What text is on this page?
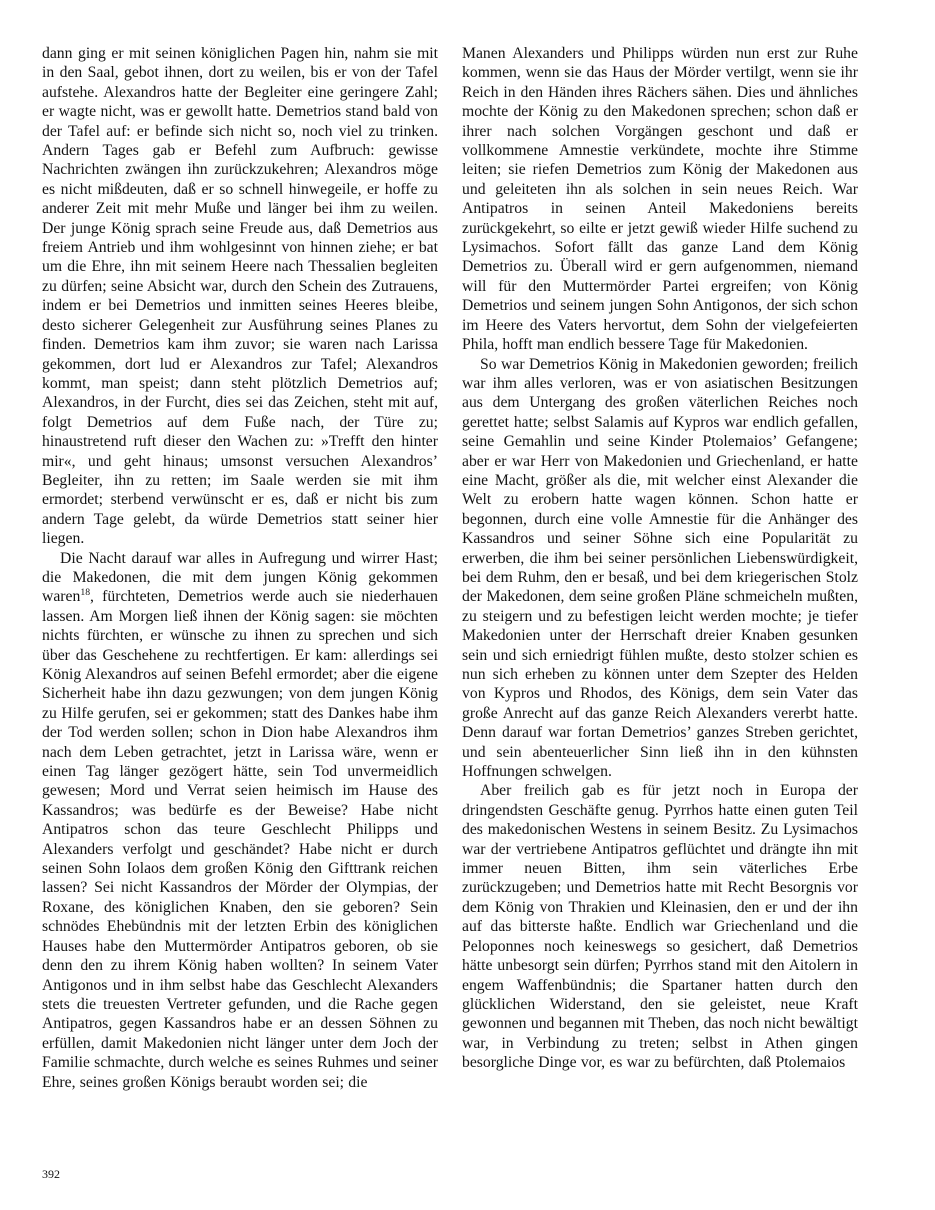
dann ging er mit seinen königlichen Pagen hin, nahm sie mit in den Saal, gebot ihnen, dort zu weilen, bis er von der Tafel aufstehe. Alexandros hatte der Begleiter eine geringere Zahl; er wagte nicht, was er gewollt hatte. Demetrios stand bald von der Tafel auf: er befinde sich nicht so, noch viel zu trinken. Andern Tages gab er Befehl zum Aufbruch: gewisse Nachrichten zwängen ihn zurückzukehren; Alexandros möge es nicht mißdeuten, daß er so schnell hinwegeile, er hoffe zu anderer Zeit mit mehr Muße und länger bei ihm zu weilen. Der junge König sprach seine Freude aus, daß Demetrios aus freiem Antrieb und ihm wohlgesinnt von hinnen ziehe; er bat um die Ehre, ihn mit seinem Heere nach Thessalien begleiten zu dürfen; seine Absicht war, durch den Schein des Zutrauens, indem er bei Demetrios und inmitten seines Heeres bleibe, desto sicherer Gelegenheit zur Ausführung seines Planes zu finden. Demetrios kam ihm zuvor; sie waren nach Larissa gekommen, dort lud er Alexandros zur Tafel; Alexandros kommt, man speist; dann steht plötzlich Demetrios auf; Alexandros, in der Furcht, dies sei das Zeichen, steht mit auf, folgt Demetrios auf dem Fuße nach, der Türe zu; hinaustretend ruft dieser den Wachen zu: »Trefft den hinter mir«, und geht hinaus; umsonst versuchen Alexandros’ Begleiter, ihn zu retten; im Saale werden sie mit ihm ermordet; sterbend verwünscht er es, daß er nicht bis zum andern Tage gelebt, da würde Demetrios statt seiner hier liegen.

Die Nacht darauf war alles in Aufregung und wirrer Hast; die Makedonen, die mit dem jungen König gekommen waren$^{18}$, fürchteten, Demetrios werde auch sie niederhauen lassen. Am Morgen ließ ihnen der König sagen: sie möchten nichts fürchten, er wünsche zu ihnen zu sprechen und sich über das Geschehene zu rechtfertigen. Er kam: allerdings sei König Alexandros auf seinen Befehl ermordet; aber die eigene Sicherheit habe ihn dazu gezwungen; von dem jungen König zu Hilfe gerufen, sei er gekommen; statt des Dankes habe ihm der Tod werden sollen; schon in Dion habe Alexandros ihm nach dem Leben getrachtet, jetzt in Larissa wäre, wenn er einen Tag länger gezögert hätte, sein Tod unvermeidlich gewesen; Mord und Verrat seien heimisch im Hause des Kassandros; was bedürfe es der Beweise? Habe nicht Antipatros schon das teure Geschlecht Philipps und Alexanders verfolgt und geschändet? Habe nicht er durch seinen Sohn Iolaos dem großen König den Gifttrank reichen lassen? Sei nicht Kassandros der Mörder der Olympias, der Roxane, des königlichen Knaben, den sie geboren? Sein schnödes Ehebündnis mit der letzten Erbin des königlichen Hauses habe den Muttermörder Antipatros geboren, ob sie denn den zu ihrem König haben wollten? In seinem Vater Antigonos und in ihm selbst habe das Geschlecht Alexanders stets die treuesten Vertreter gefunden, und die Rache gegen Antipatros, gegen Kassandros habe er an dessen Söhnen zu erfüllen, damit Makedonien nicht länger unter dem Joch der Familie schmachte, durch welche es seines Ruhmes und seiner Ehre, seines großen Königs beraubt worden sei; die

Manen Alexanders und Philipps würden nun erst zur Ruhe kommen, wenn sie das Haus der Mörder vertilgt, wenn sie ihr Reich in den Händen ihres Rächers sähen. Dies und ähnliches mochte der König zu den Makedonen sprechen; schon daß er ihrer nach solchen Vorgängen geschont und daß er vollkommene Amnestie verkündete, mochte ihre Stimme leiten; sie riefen Demetrios zum König der Makedonen aus und geleiteten ihn als solchen in sein neues Reich. War Antipatros in seinen Anteil Makedoniens bereits zurückgekehrt, so eilte er jetzt gewiß wieder Hilfe suchend zu Lysimachos. Sofort fällt das ganze Land dem König Demetrios zu. Überall wird er gern aufgenommen, niemand will für den Muttermörder Partei ergreifen; von König Demetrios und seinem jungen Sohn Antigonos, der sich schon im Heere des Vaters hervortut, dem Sohn der vielgefeierten Phila, hofft man endlich bessere Tage für Makedonien.

So war Demetrios König in Makedonien geworden; freilich war ihm alles verloren, was er von asiatischen Besitzungen aus dem Untergang des großen väterlichen Reiches noch gerettet hatte; selbst Salamis auf Kypros war endlich gefallen, seine Gemahlin und seine Kinder Ptolemaios’ Gefangene; aber er war Herr von Makedonien und Griechenland, er hatte eine Macht, größer als die, mit welcher einst Alexander die Welt zu erobern hatte wagen können. Schon hatte er begonnen, durch eine volle Amnestie für die Anhänger des Kassandros und seiner Söhne sich eine Popularität zu erwerben, die ihm bei seiner persönlichen Liebenswürdigkeit, bei dem Ruhm, den er besaß, und bei dem kriegerischen Stolz der Makedonen, dem seine großen Pläne schmeicheln mußten, zu steigern und zu befestigen leicht werden mochte; je tiefer Makedonien unter der Herrschaft dreier Knaben gesunken sein und sich erniedrigt fühlen mußte, desto stolzer schien es nun sich erheben zu können unter dem Szepter des Helden von Kypros und Rhodos, des Königs, dem sein Vater das große Anrecht auf das ganze Reich Alexanders vererbt hatte. Denn darauf war fortan Demetrios’ ganzes Streben gerichtet, und sein abenteuerlicher Sinn ließ ihn in den kühnsten Hoffnungen schwelgen.

Aber freilich gab es für jetzt noch in Europa der dringendsten Geschäfte genug. Pyrrhos hatte einen guten Teil des makedonischen Westens in seinem Besitz. Zu Lysimachos war der vertriebene Antipatros geflüchtet und drängte ihn mit immer neuen Bitten, ihm sein väterliches Erbe zurückzugeben; und Demetrios hatte mit Recht Besorgnis vor dem König von Thrakien und Kleinasien, den er und der ihn auf das bitterste haßte. Endlich war Griechenland und die Peloponnes noch keineswegs so gesichert, daß Demetrios hätte unbesorgt sein dürfen; Pyrrhos stand mit den Aitolern in engem Waffenbündnis; die Spartaner hatten durch den glücklichen Widerstand, den sie geleistet, neue Kraft gewonnen und begannen mit Theben, das noch nicht bewältigt war, in Verbindung zu treten; selbst in Athen gingen besorgliche Dinge vor, es war zu befürchten, daß Ptolemaios

392
